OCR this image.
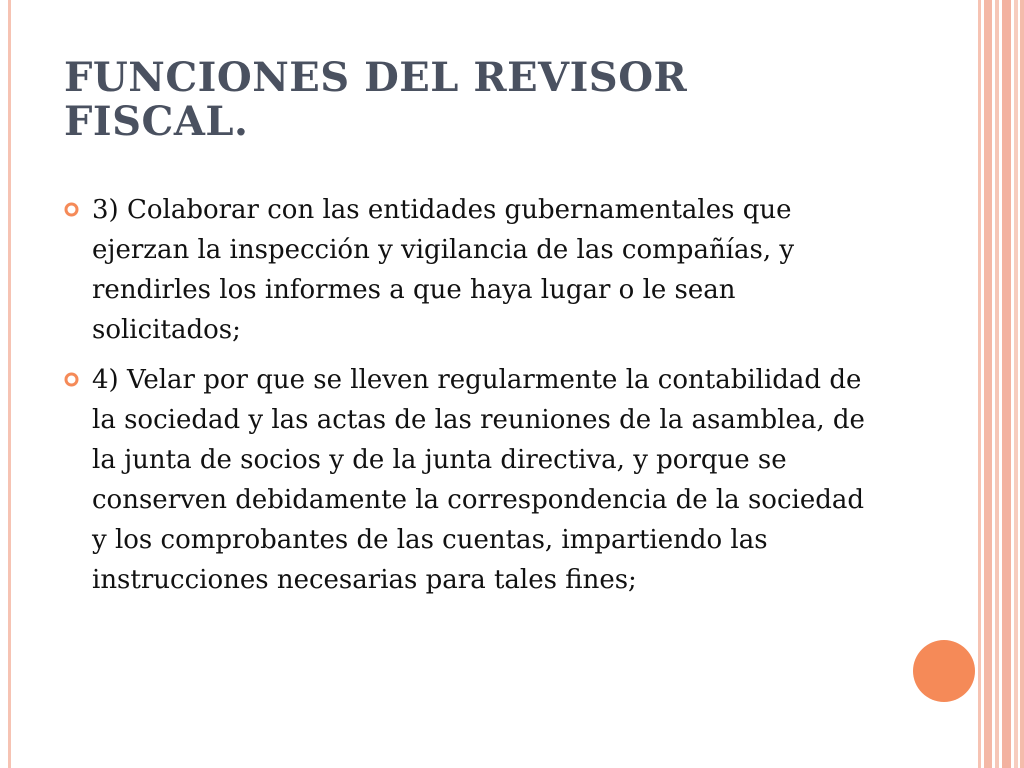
FUNCIONES DEL REVISOR FISCAL.
3) Colaborar con las entidades gubernamentales que ejerzan la inspección y vigilancia de las compañías, y rendirles los informes a que haya lugar o le sean solicitados;
4) Velar por que se lleven regularmente la contabilidad de la sociedad y las actas de las reuniones de la asamblea, de la junta de socios y de la junta directiva, y porque se conserven debidamente la correspondencia de la sociedad y los comprobantes de las cuentas, impartiendo las instrucciones necesarias para tales fines;
